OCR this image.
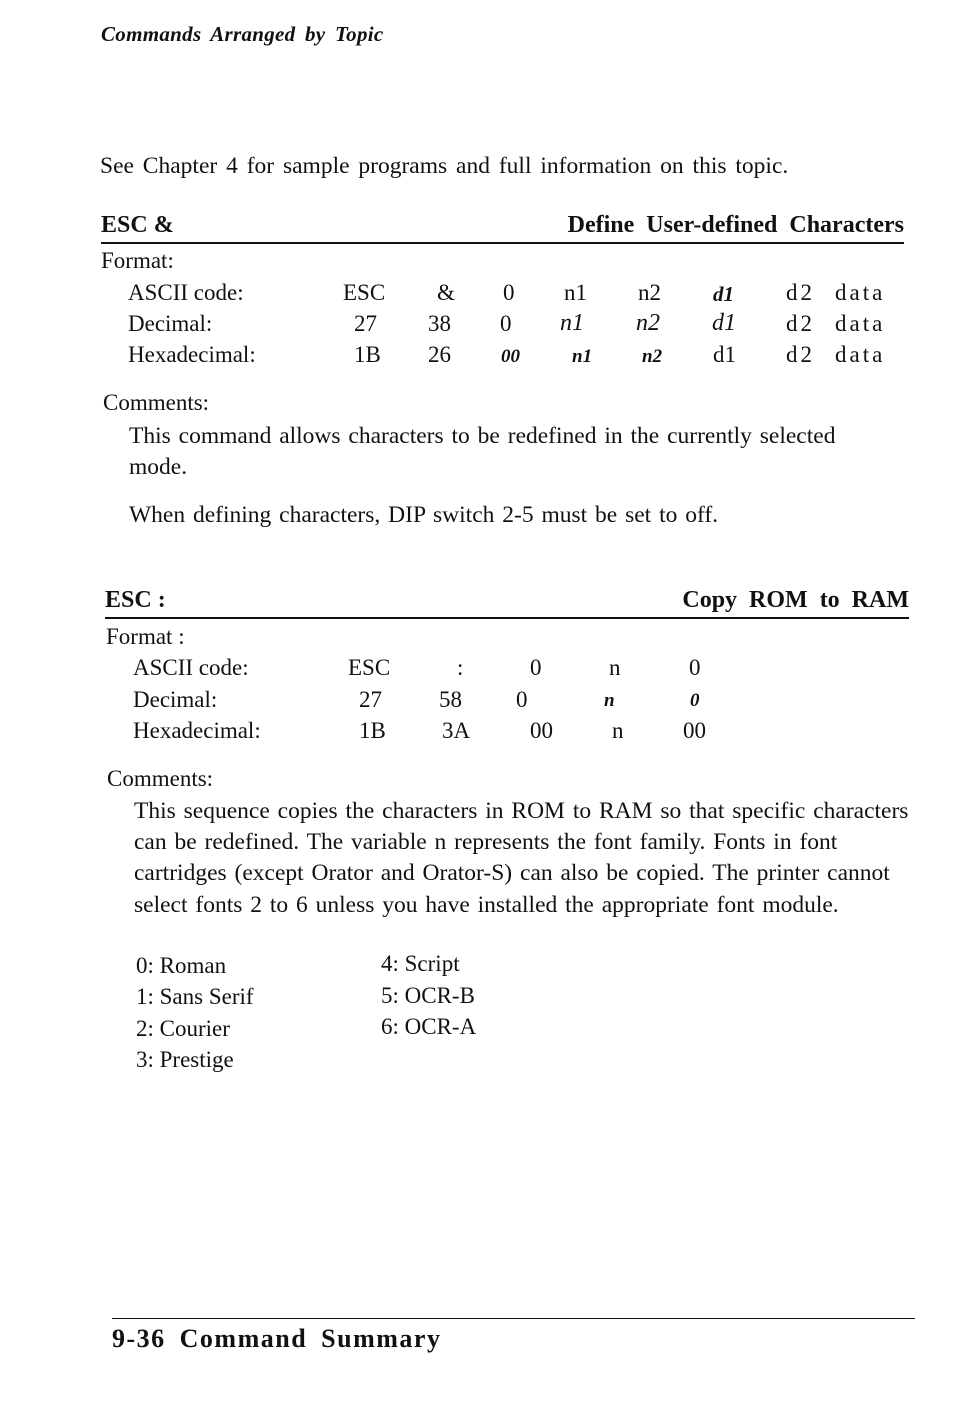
Commands Arranged by Topic
See Chapter 4 for sample programs and full information on this topic.
ESC &	Define User-defined Characters
Format:
ASCII code:	ESC & 0 n1 n2 d1 d2 data
Decimal:	27 38 0 n1 n2 d1 d2 data
Hexadecimal:	1B 26	00	n1	n2 d1 d2 data
Comments:
This command allows characters to be redefined in the currently selected mode.
When defining characters, DIP switch 2-5 must be set to off.
ESC :	Copy ROM to RAM
Format :
ASCII code:	ESC	:	0	n	0
Decimal:	27 58 0	n	0
Hexadecimal:	1B 3A	00	n	00
Comments:
This sequence copies the characters in ROM to RAM so that specific characters can be redefined. The variable n represents the font family. Fonts in font cartridges (except Orator and Orator-S) can also be copied. The printer cannot select fonts 2 to 6 unless you have installed the appropriate font module.
0: Roman
1: Sans Serif
2: Courier
3: Prestige
4: Script
5: OCR-B
6: OCR-A
9-36 Command Summary
